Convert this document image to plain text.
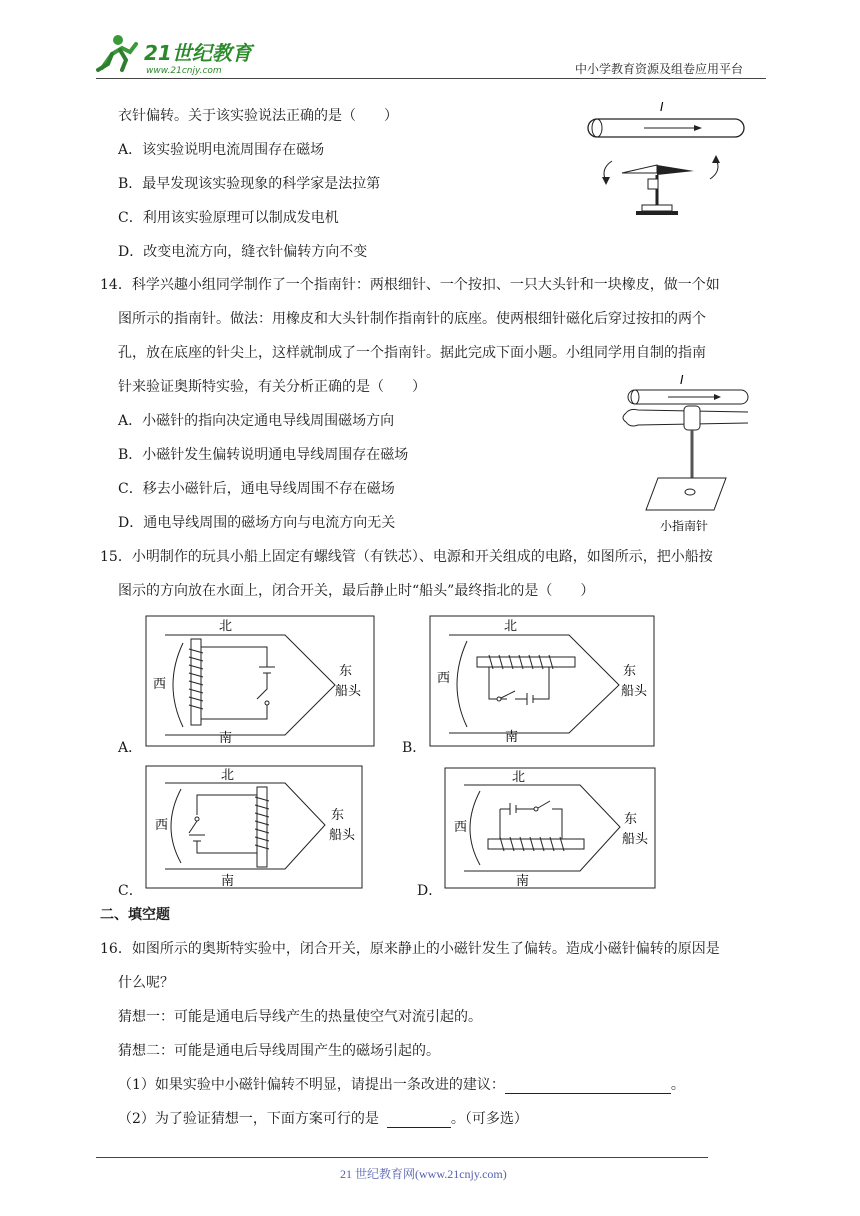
21世纪教育
www.21cnjy.com	中小学教育资源及组卷应用平台
衣针偏转。关于该实验说法正确的是（　　）
A．该实验说明电流周围存在磁场
B．最早发现该实验现象的科学家是法拉第
C．利用该实验原理可以制成发电机
D．改变电流方向，缝衣针偏转方向不变
I
14．科学兴趣小组同学制作了一个指南针：两根细针、一个按扣、一只大头针和一块橡皮，做一个如
图所示的指南针。做法：用橡皮和大头针制作指南针的底座。使两根细针磁化后穿过按扣的两个
孔，放在底座的针尖上，这样就制成了一个指南针。据此完成下面小题。小组同学用自制的指南
针来验证奥斯特实验，有关分析正确的是（　　）
A．小磁针的指向决定通电导线周围磁场方向
B．小磁针发生偏转说明通电导线周围存在磁场
C．移去小磁针后，通电导线周围不存在磁场
D．通电导线周围的磁场方向与电流方向无关
I
小指南针
15．小明制作的玩具小船上固定有螺线管（有铁芯）、电源和开关组成的电路，如图所示，把小船按
图示的方向放在水面上，闭合开关，最后静止时“船头”最终指北的是（　　）
A．
北
南
西
东
船头
B．
北
南
西	东
船头
C．
北
南
西
东
船头
D．
北
南
西
东
船头
二、填空题
16．如图所示的奥斯特实验中，闭合开关，原来静止的小磁针发生了偏转。造成小磁针偏转的原因是
什么呢？
猜想一：可能是通电后导线产生的热量使空气对流引起的。
猜想二：可能是通电后导线周围产生的磁场引起的。
（1）如果实验中小磁针偏转不明显，请提出一条改进的建议：	。
（2）为了验证猜想一，下面方案可行的是	。（可多选）
21 世纪教育网(www.21cnjy.com)
